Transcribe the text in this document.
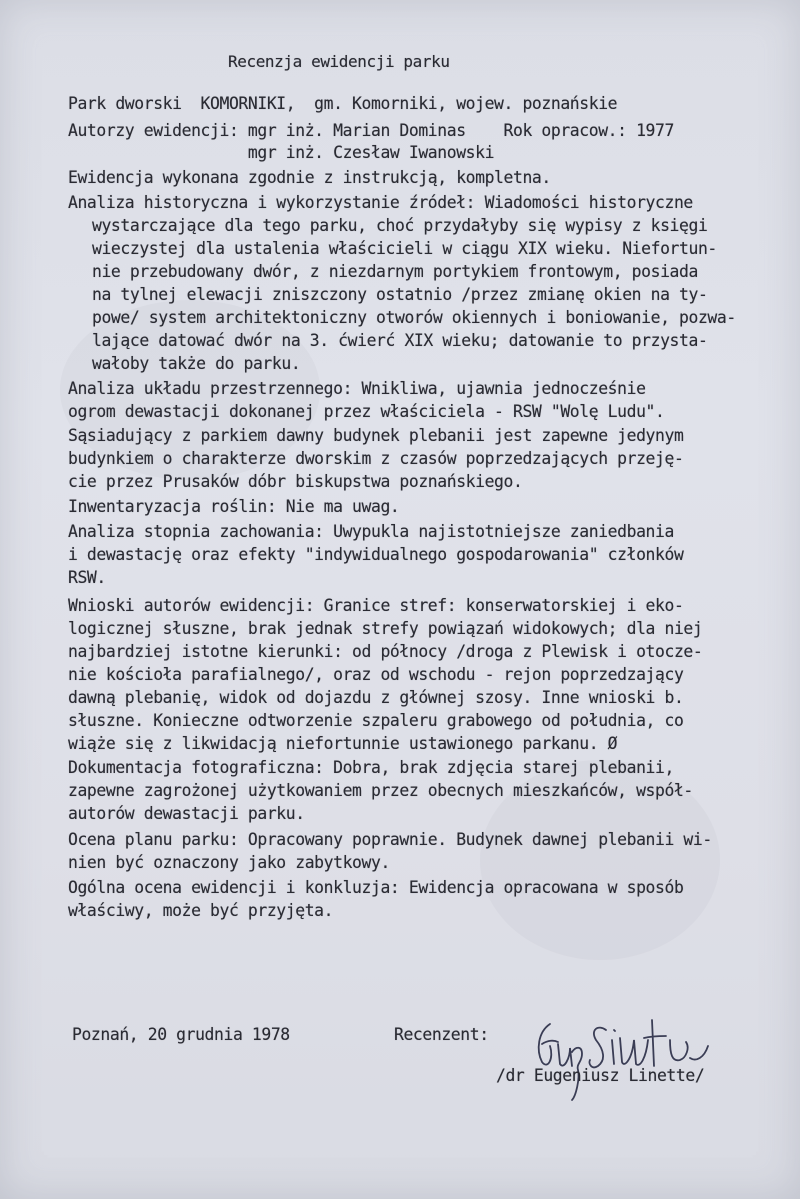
Recenzja ewidencji parku
Park dworski  KOMORNIKI,  gm. Komorniki, wojew. poznańskie
Autorzy ewidencji: mgr inż. Marian Dominas    Rok opracow.: 1977
mgr inż. Czesław Iwanowski
Ewidencja wykonana zgodnie z instrukcją, kompletna.
Analiza historyczna i wykorzystanie źródeł: Wiadomości historyczne
wystarczające dla tego parku, choć przydałyby się wypisy z księgi
wieczystej dla ustalenia właścicieli w ciągu XIX wieku. Niefortun-
nie przebudowany dwór, z niezdarnym portykiem frontowym, posiada
na tylnej elewacji zniszczony ostatnio /przez zmianę okien na ty-
powe/ system architektoniczny otworów okiennych i boniowanie, pozwa-
lające datować dwór na 3. ćwierć XIX wieku; datowanie to przysta-
wałoby także do parku.
Analiza układu przestrzennego: Wnikliwa, ujawnia jednocześnie
ogrom dewastacji dokonanej przez właściciela - RSW "Wolę Ludu".
Sąsiadujący z parkiem dawny budynek plebanii jest zapewne jedynym
budynkiem o charakterze dworskim z czasów poprzedzających przeję-
cie przez Prusaków dóbr biskupstwa poznańskiego.
Inwentaryzacja roślin: Nie ma uwag.
Analiza stopnia zachowania: Uwypukla najistotniejsze zaniedbania
i dewastację oraz efekty "indywidualnego gospodarowania" członków
RSW.
Wnioski autorów ewidencji: Granice stref: konserwatorskiej i eko-
logicznej słuszne, brak jednak strefy powiązań widokowych; dla niej
najbardziej istotne kierunki: od północy /droga z Plewisk i otocze-
nie kościoła parafialnego/, oraz od wschodu - rejon poprzedzający
dawną plebanię, widok od dojazdu z głównej szosy. Inne wnioski b.
słuszne. Konieczne odtworzenie szpaleru grabowego od południa, co
wiąże się z likwidacją niefortunnie ustawionego parkanu. Ø
Dokumentacja fotograficzna: Dobra, brak zdjęcia starej plebanii,
zapewne zagrożonej użytkowaniem przez obecnych mieszkańców, współ-
autorów dewastacji parku.
Ocena planu parku: Opracowany poprawnie. Budynek dawnej plebanii wi-
nien być oznaczony jako zabytkowy.
Ogólna ocena ewidencji i konkluzja: Ewidencja opracowana w sposób
właściwy, może być przyjęta.
Poznań, 20 grudnia 1978	Recenzent:
/dr Eugeniusz Linette/
